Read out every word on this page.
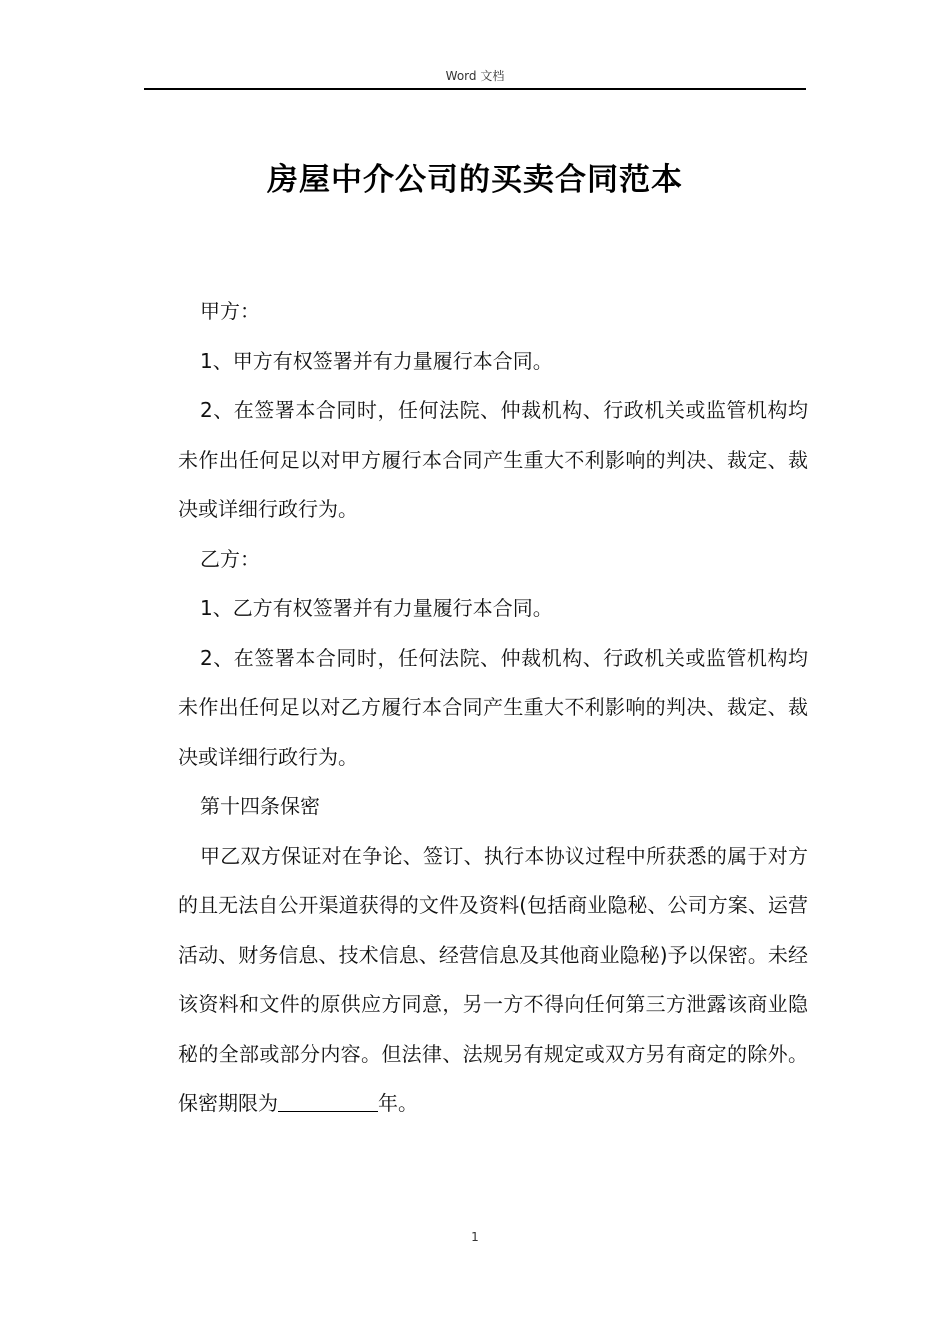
Word 文档
房屋中介公司的买卖合同范本

甲方：

1、甲方有权签署并有力量履行本合同。

2、在签署本合同时，任何法院、仲裁机构、行政机关或监管机构均未作出任何足以对甲方履行本合同产生重大不利影响的判决、裁定、裁决或详细行政行为。

乙方：

1、乙方有权签署并有力量履行本合同。

2、在签署本合同时，任何法院、仲裁机构、行政机关或监管机构均未作出任何足以对乙方履行本合同产生重大不利影响的判决、裁定、裁决或详细行政行为。

第十四条保密

甲乙双方保证对在争论、签订、执行本协议过程中所获悉的属于对方的且无法自公开渠道获得的文件及资料(包括商业隐秘、公司方案、运营活动、财务信息、技术信息、经营信息及其他商业隐秘)予以保密。未经该资料和文件的原供应方同意，另一方不得向任何第三方泄露该商业隐秘的全部或部分内容。但法律、法规另有规定或双方另有商定的除外。保密期限为	年。

1
